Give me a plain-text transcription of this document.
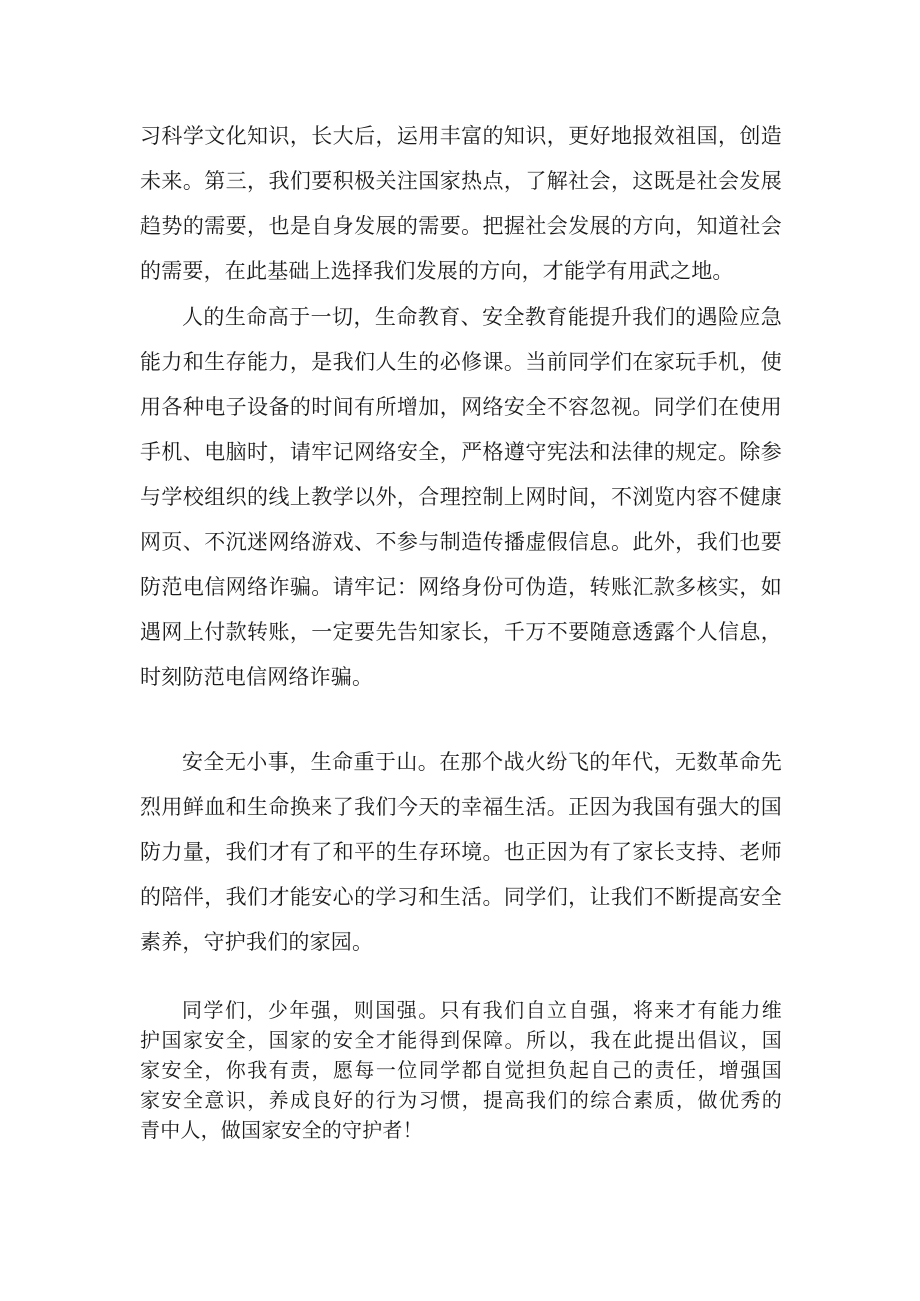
习科学文化知识，长大后，运用丰富的知识，更好地报效祖国，创造
未来。第三，我们要积极关注国家热点，了解社会，这既是社会发展
趋势的需要，也是自身发展的需要。把握社会发展的方向，知道社会
的需要，在此基础上选择我们发展的方向，才能学有用武之地。
人的生命高于一切，生命教育、安全教育能提升我们的遇险应急
能力和生存能力，是我们人生的必修课。当前同学们在家玩手机，使
用各种电子设备的时间有所增加，网络安全不容忽视。同学们在使用
手机、电脑时，请牢记网络安全，严格遵守宪法和法律的规定。除参
与学校组织的线上教学以外，合理控制上网时间，不浏览内容不健康
网页、不沉迷网络游戏、不参与制造传播虚假信息。此外，我们也要
防范电信网络诈骗。请牢记：网络身份可伪造，转账汇款多核实，如
遇网上付款转账，一定要先告知家长，千万不要随意透露个人信息，
时刻防范电信网络诈骗。
安全无小事，生命重于山。在那个战火纷飞的年代，无数革命先
烈用鲜血和生命换来了我们今天的幸福生活。正因为我国有强大的国
防力量，我们才有了和平的生存环境。也正因为有了家长支持、老师
的陪伴，我们才能安心的学习和生活。同学们，让我们不断提高安全
素养，守护我们的家园。
同学们，少年强，则国强。只有我们自立自强，将来才有能力维
护国家安全，国家的安全才能得到保障。所以，我在此提出倡议，国
家安全，你我有责，愿每一位同学都自觉担负起自己的责任，增强国
家安全意识，养成良好的行为习惯，提高我们的综合素质，做优秀的
青中人，做国家安全的守护者！
